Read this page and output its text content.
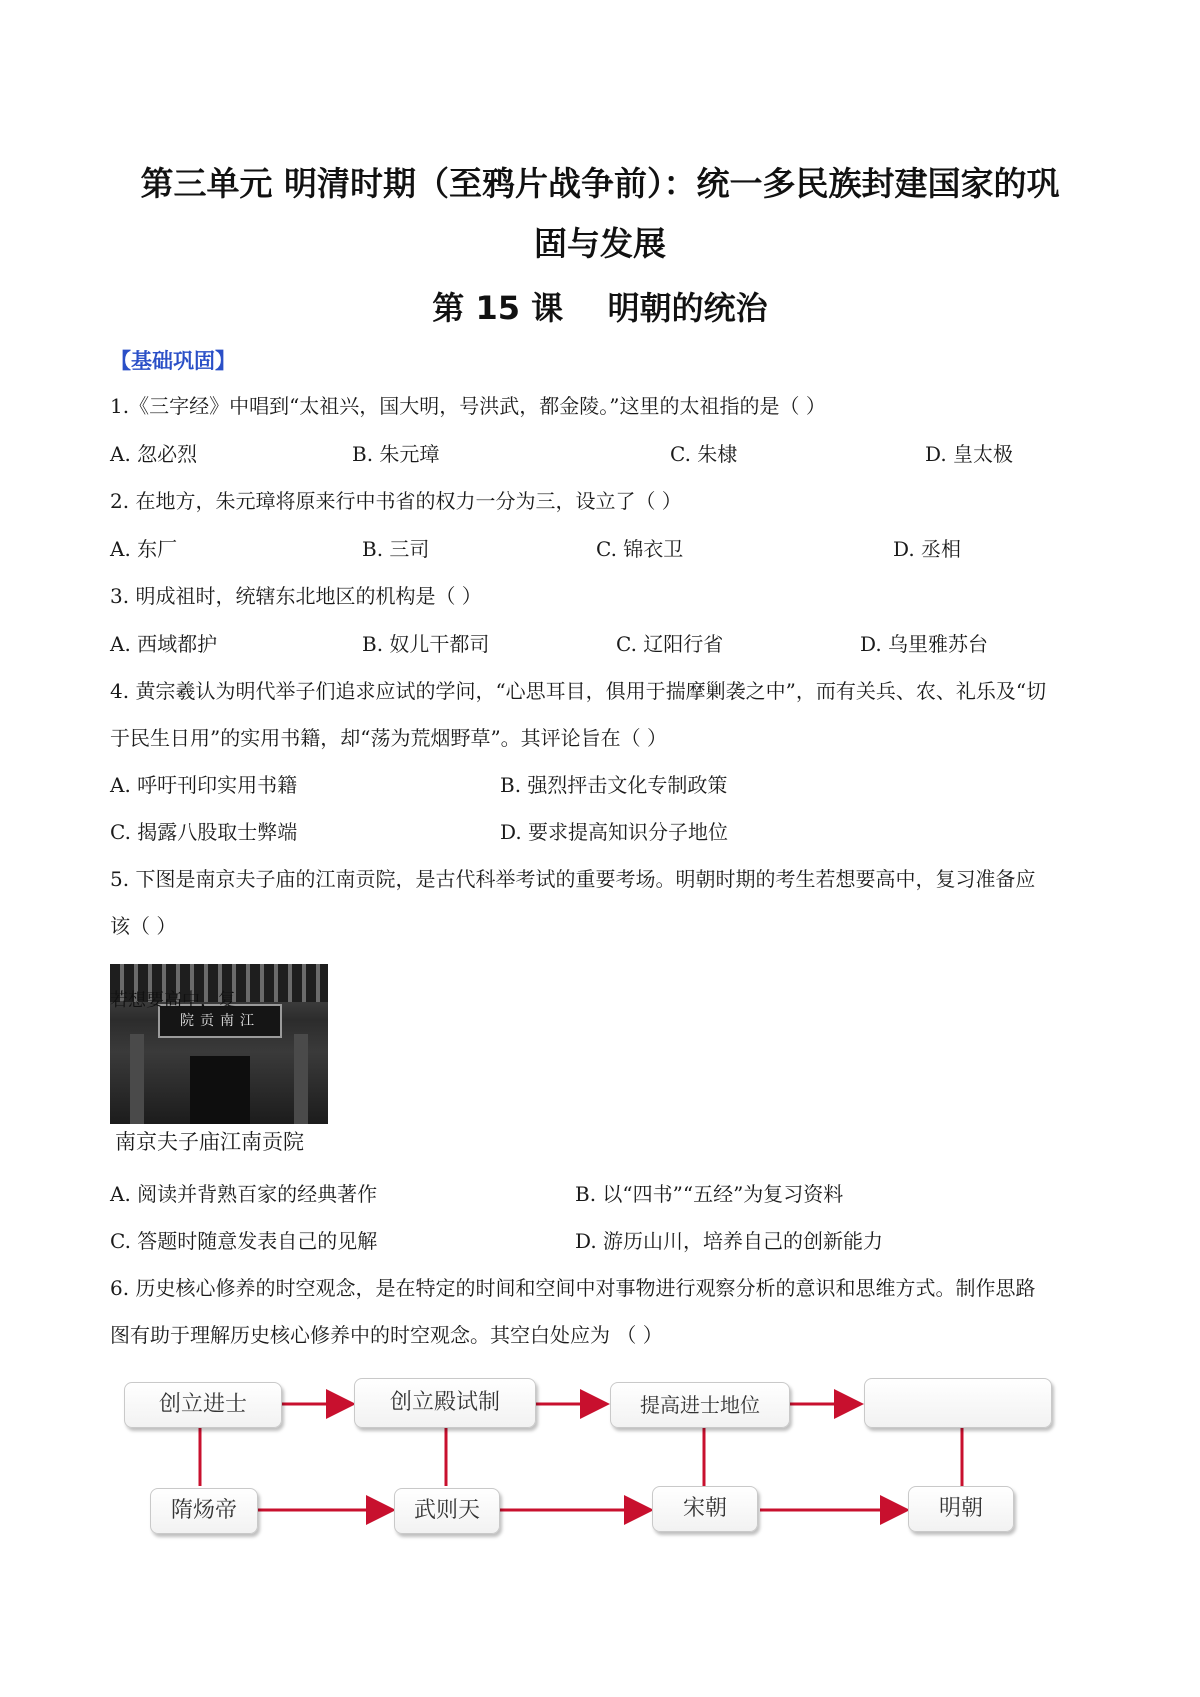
第三单元 明清时期（至鸦片战争前）：统一多民族封建国家的巩
固与发展
第 15 课    明朝的统治
【基础巩固】
1.《三字经》中唱到“太祖兴，国大明，号洪武，都金陵。”这里的太祖指的是（ ）
A. 忽必烈	B. 朱元璋	C. 朱棣	D. 皇太极
2. 在地方，朱元璋将原来行中书省的权力一分为三，设立了（ ）
A. 东厂	B. 三司	C. 锦衣卫	D. 丞相
3. 明成祖时，统辖东北地区的机构是（ ）
A. 西域都护	B. 奴儿干都司	C. 辽阳行省	D. 乌里雅苏台
4. 黄宗羲认为明代举子们追求应试的学问，“心思耳目，俱用于揣摩剿袭之中”，而有关兵、农、礼乐及“切
于民生日用”的实用书籍，却“荡为荒烟野草”。其评论旨在（ ）
A. 呼吁刊印实用书籍	B. 强烈抨击文化专制政策
C. 揭露八股取士弊端	D. 要求提高知识分子地位
5. 下图是南京夫子庙的江南贡院，是古代科举考试的重要考场。明朝时期的考生若想要高中，复习准备应
该（ ）
院贡南江
若想要高中，复
南京夫子庙江南贡院
A. 阅读并背熟百家的经典著作	B. 以“四书”“五经”为复习资料
C. 答题时随意发表自己的见解	D. 游历山川，培养自己的创新能力
6. 历史核心修养的时空观念，是在特定的时间和空间中对事物进行观察分析的意识和思维方式。制作思路
图有助于理解历史核心修养中的时空观念。其空白处应为 （ ）
创立进士	创立殿试制	提高进士地位
隋炀帝	武则天	宋朝	明朝
